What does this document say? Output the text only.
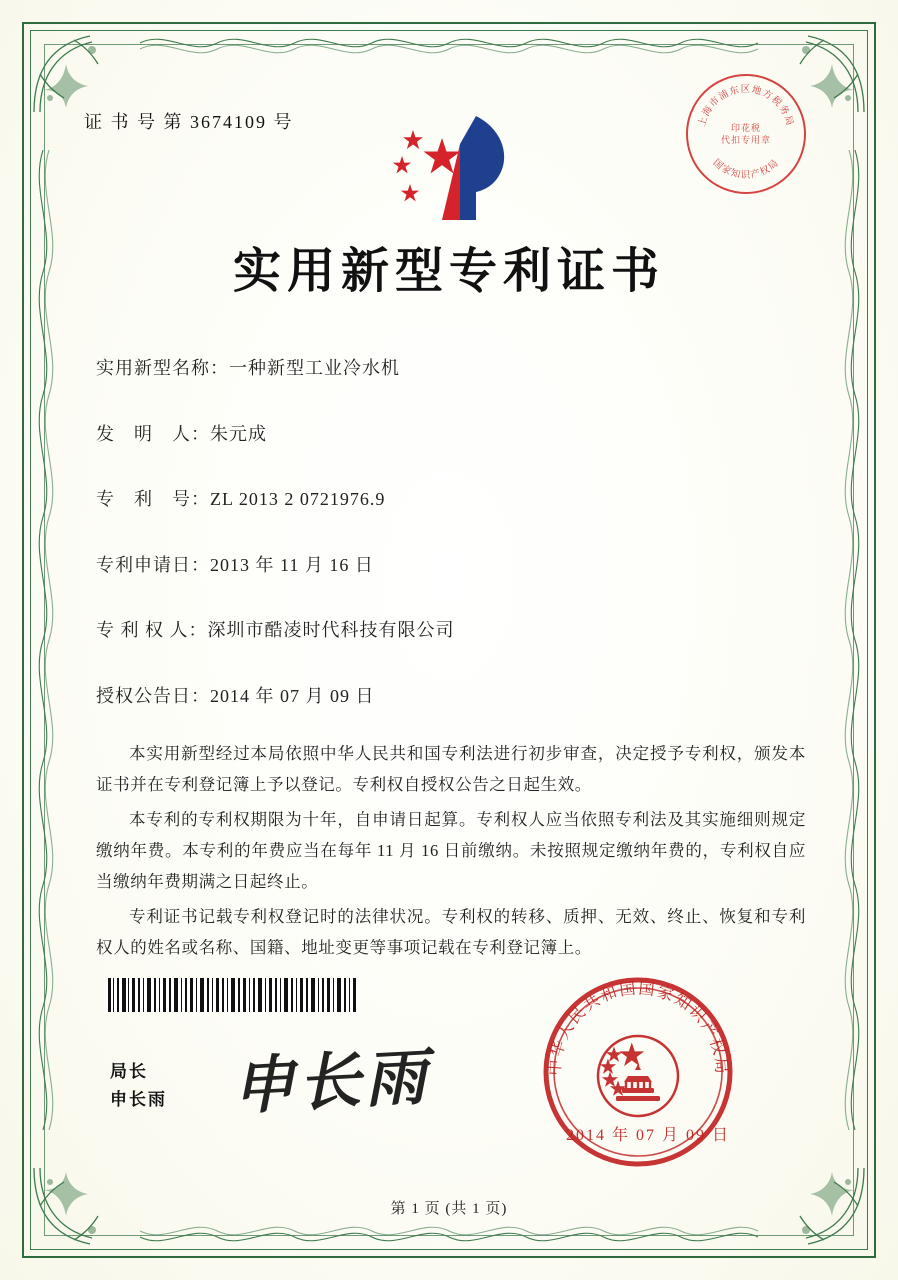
证 书 号 第 3674109 号	上海市浦东区地方税务局
国家知识产权局
印花税
代扣专用章
实用新型专利证书
实用新型名称：一种新型工业冷水机
发　明　人：朱元成
专　利　号：ZL 2013 2 0721976.9
专利申请日：2013 年 11 月 16 日
专 利 权 人：深圳市酷凌时代科技有限公司
授权公告日：2014 年 07 月 09 日

本实用新型经过本局依照中华人民共和国专利法进行初步审查，决定授予专利权，颁发本证书并在专利登记簿上予以登记。专利权自授权公告之日起生效。

本专利的专利权期限为十年，自申请日起算。专利权人应当依照专利法及其实施细则规定缴纳年费。本专利的年费应当在每年 11 月 16 日前缴纳。未按照规定缴纳年费的，专利权自应当缴纳年费期满之日起终止。

专利证书记载专利权登记时的法律状况。专利权的转移、质押、无效、终止、恢复和专利权人的姓名或名称、国籍、地址变更等事项记载在专利登记簿上。

局长
申长雨 申长雨	中华人民共和国国家知识产权局
2014 年 07 月 09 日
第 1 页 (共 1 页)
